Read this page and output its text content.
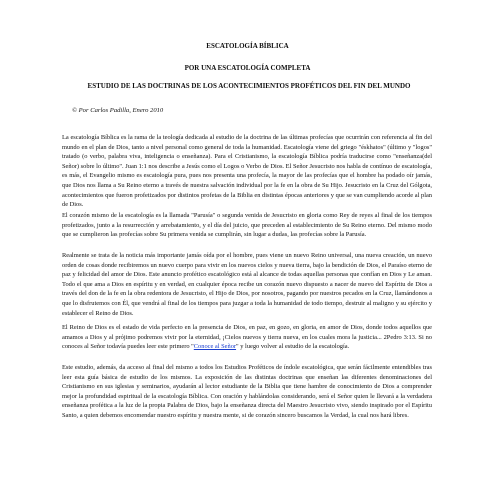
ESCATOLOGÍA BÍBLICA
POR UNA ESCATOLOGÍA COMPLETA
ESTUDIO DE LAS DOCTRINAS DE LOS ACONTECIMIENTOS PROFÉTICOS DEL FIN DEL MUNDO
© Por Carlos Padilla, Enero 2010

La escatología Bíblica es la rama de la teología dedicada al estudio de la doctrina de las últimas profecías que ocurrirán con referencia al fin del mundo en el plan de Dios, tanto a nivel personal como general de toda la humanidad. Escatología viene del griego "éskhatos" (último y "logos" tratado (o verbo, palabra viva, inteligencia o enseñanza). Para el Cristianismo, la escatología Bíblica podría traducirse como "enseñanza(del Señor) sobre lo último". Juan 1:1 nos describe a Jesús como el Logos o Verbo de Dios. El Señor Jesucristo nos habla de contínuo de escatología, es más, el Evangelio mismo es escatología pura, pues nos presenta una profecía, la mayor de las profecías que el hombre ha podado oír jamás, que Dios nos llama a Su Reino eterno a través de nuestra salvación individual por la fe en la obra de Su Hijo. Jesucristo en la Cruz del Gólgota, acontecimientos que fueron profetizados por distintos profetas de la Biblia en distintas épocas anteriores y que se van cumpliendo acorde al plan de Dios.

El corazón mismo de la escatología es la llamada "Parusía" o segunda venida de Jesucristo en gloria como Rey de reyes al final de los tiempos profetizados, junto a la resurrección y arrebatamiento, y el día del juicio, que preceden al establecimiento de Su Reino eterno. Del mismo modo que se cumplieron las profecías sobre Su primera venida se cumplirán, sin lugar a dudas, las profecías sobre la Parusía.

Realmente se trata de la noticia más importante jamás oída por el hombre, pues viene un nuevo Reino universal, una nueva creación, un nuevo orden de cosas donde recibiremos un nuevo cuerpo para vivir en los nuevos cielos y nueva tierra, bajo la bendición de Dios, el Paraíso eterno de paz y felicidad del amor de Dios. Este anuncio profético escatológico está al alcance de todas aquellas personas que confían en Dios y Le aman. Todo el que ama a Dios en espíritu y en verdad, en cualquier época recibe un corazón nuevo dispuesto a nacer de nuevo del Espíritu de Dios a través del don de la fe en la obra redentora de Jesucristo, el Hijo de Dios, por nosotros, pagando por nuestros pecados en la Cruz, llamándonos a que lo disfrutemos con Él, que vendrá al final de los tiempos para juzgar a toda la humanidad de todo tiempo, destruir al maligno y su ejército y establecer el Reino de Dios.

El Reino de Dios es el estado de vida perfecto en la presencia de Dios, en paz, en gozo, en gloria, en amor de Dios, donde todos aquellos que amamos a Dios y al prójimo podremos vivir por la eternidad, ¡Cielos nuevos y tierra nueva, en los cuales mora la justicia... 2Pedro 3:13. Si no conoces al Señor todavía puedes leer este primero "Conoce al Señor" y luego volver al estudio de la escatología.

Este estudio, además, da acceso al final del mismo a todos los Estudios Proféticos de índole escatológica, que serán fácilmente entendibles tras leer esta guía básica de estudio de los mismos. La exposición de las distintas doctrinas que enseñan las diferentes denominaciones del Cristianismo en sus iglesias y seminarios, ayudarán al lector estudiante de la Biblia que tiene hambre de conocimiento de Dios a comprender mejor la profundidad espiritual de la escatología Bíblica. Con oración y hablándolas considerando, será el Señor quien le llevará a la verdadera enseñanza profética a la luz de la propia Palabra de Dios, bajo la enseñanza directa del Maestro Jesucristo vivo, siendo inspirado por el Espíritu Santo, a quien debemos encomendar nuestro espíritu y nuestra mente, si de corazón sincero buscamos la Verdad, la cual nos hará libres.
